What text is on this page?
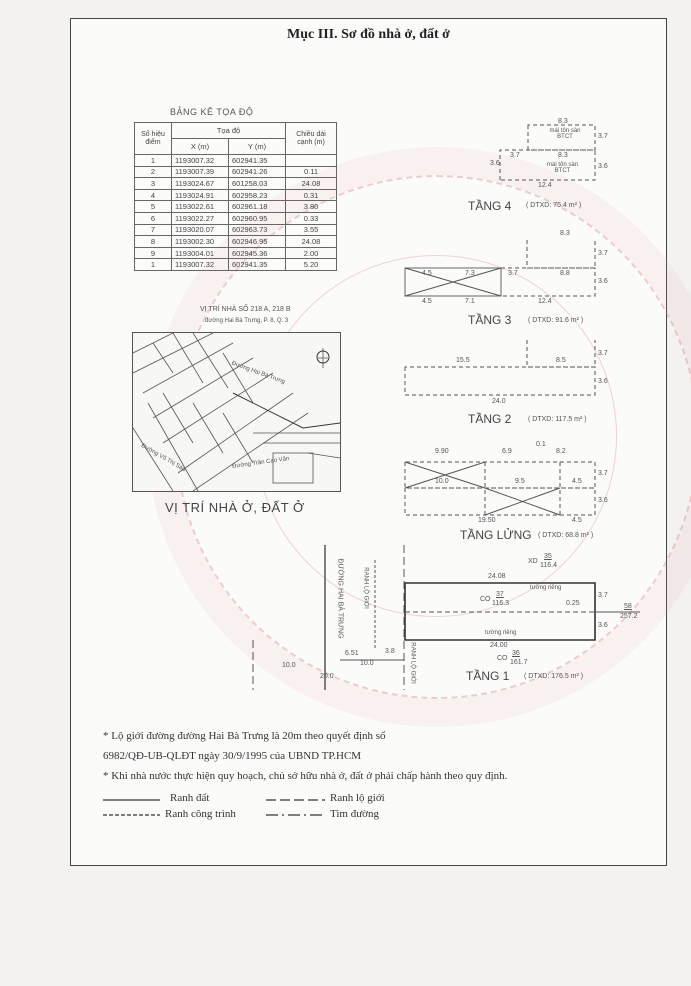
Mục III. Sơ đồ nhà ở, đất ở
BẢNG KÊ TỌA ĐỘ
Số hiệu điểm	Tọa độ		Chiều dài cạnh (m)
	X (m)	Y (m)	
1	1193007.32	602941.35	
2	1193007.39	602941.26	0.11
3	1193024.67	601258.03	24.08
4	1193024.91	602958.23	0.31
5	1193022.61	602961.18	3.80
6	1193022.27	602960.95	0.33
7	1193020.07	602963.73	3.55
8	1193002.30	602946.95	24.08
9	1193004.01	602945.36	2.00
1	1193007.32	602941.35	5.20
VỊ TRÍ NHÀ SỐ 218 A, 218 B
đường Hai Bà Trưng, P. 8, Q. 3
Đường Hai Bà Trưng
Đường Trần Cao Vân
Đường Võ Thị Sáu
VỊ TRÍ NHÀ Ở, ĐẤT Ở
8.3
mái tôn sàn BTCT
8.3
mái tôn sàn BTCT
12.4
3.7
3.7
3.6	3.6
TẦNG 4 ( DTXD: 75.4 m² )
8.3
8.8
4.5	7.3	3.7
4.5	7.1	12.4
3.7
3.6
TẦNG 3 ( DTXD: 91.6 m² )
15.5	8.5
24.0
3.7
3.6
TẦNG 2 ( DTXD: 117.5 m² )
9.90	6.9
0.1
8.2
10.0	9.5	4.5
19.50	4.5
3.7
3.6
TẦNG LỬNG ( DTXD: 68.8 m² )
XD
35
116.4
24.08
tường riêng
CO
37
116.3	0.25
tường riêng
24.00
CO
36
161.7
3.7
3.6
58
257.2
TẦNG 1 ( DTXD: 176.5 m² )
ĐƯỜNG HAI BÀ TRƯNG	RANH LỘ GIỚI
RANH LỘ GIỚI
10.0
20.0
6.51
10.0
3.8
* Lộ giới đường đường Hai Bà Trưng là 20m theo quyết định số
6982/QĐ-UB-QLĐT ngày 30/9/1995 của UBND TP.HCM
* Khi nhà nước thực hiện quy hoạch, chủ sở hữu nhà ở, đất ở phải chấp hành theo quy định.
Ranh đất	Ranh lộ giới
Ranh công trình	Tim đường
